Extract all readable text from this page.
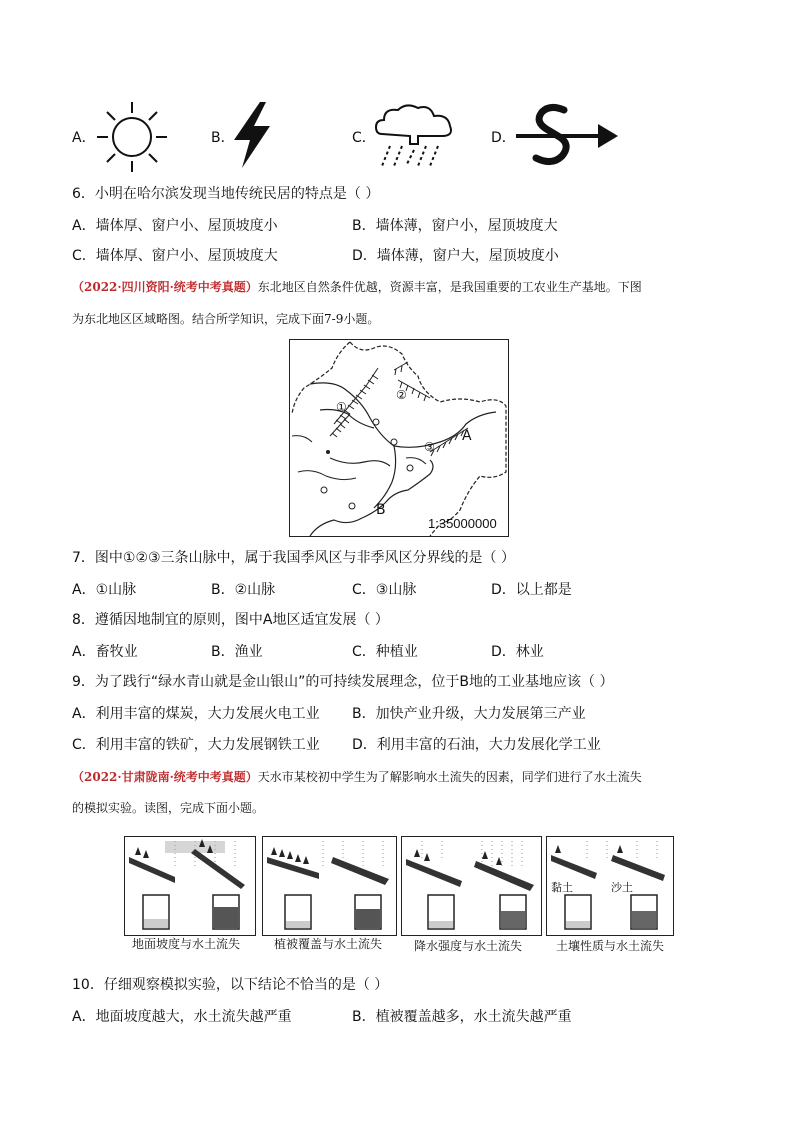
A．	B．	C．	D．
6．小明在哈尔滨发现当地传统民居的特点是（ ）
A．墙体厚、窗户小、屋顶坡度小	B．墙体薄，窗户小，屋顶坡度大
C．墙体厚、窗户小、屋顶坡度大	D．墙体薄，窗户大，屋顶坡度小
（2022·四川资阳·统考中考真题）东北地区自然条件优越，资源丰富，是我国重要的工农业生产基地。下图
为东北地区区域略图。结合所学知识，完成下面7-9小题。
①
②
③
A
B
1:35000000
7．图中①②③三条山脉中，属于我国季风区与非季风区分界线的是（ ）
A．①山脉	B．②山脉	C．③山脉	D．以上都是
8．遵循因地制宜的原则，图中A地区适宜发展（ ）
A．畜牧业	B．渔业	C．种植业	D．林业
9．为了践行“绿水青山就是金山银山”的可持续发展理念，位于B地的工业基地应该（ ）
A．利用丰富的煤炭，大力发展火电工业 B．加快产业升级，大力发展第三产业
C．利用丰富的铁矿，大力发展钢铁工业 D．利用丰富的石油，大力发展化学工业
（2022·甘肃陇南·统考中考真题）天水市某校初中学生为了解影响水土流失的因素，同学们进行了水土流失
的模拟实验。读图，完成下面小题。
地面坡度与水土流失	植被覆盖与水土流失	降水强度与水土流失
黏土	沙土
土壤性质与水土流失
10．仔细观察模拟实验，以下结论不恰当的是（ ）
A．地面坡度越大，水土流失越严重	B．植被覆盖越多，水土流失越严重
